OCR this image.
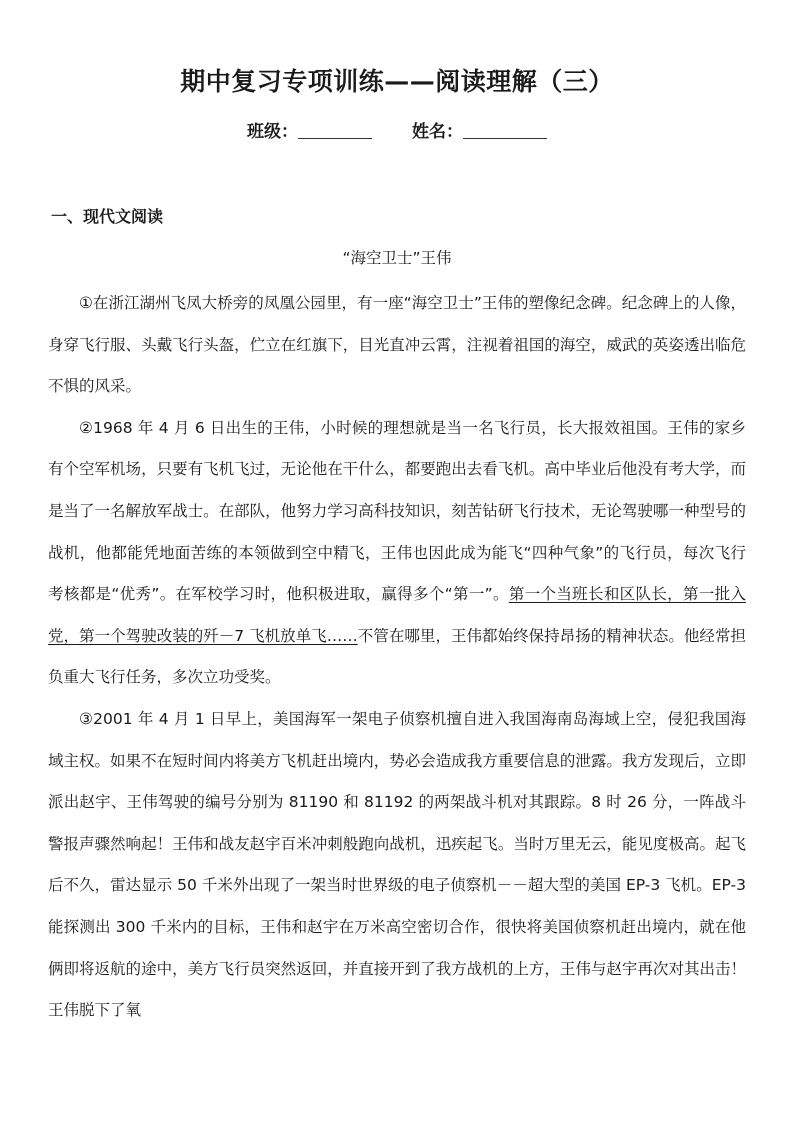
期中复习专项训练——阅读理解（三）
班级：	姓名：
一、现代文阅读
“海空卫士”王伟

①在浙江湖州飞凤大桥旁的凤凰公园里，有一座“海空卫士”王伟的塑像纪念碑。纪念碑上的人像，身穿飞行服、头戴飞行头盔，伫立在红旗下，目光直冲云霄，注视着祖国的海空，威武的英姿透出临危不惧的风采。

②1968 年 4 月 6 日出生的王伟，小时候的理想就是当一名飞行员，长大报效祖国。王伟的家乡有个空军机场，只要有飞机飞过，无论他在干什么，都要跑出去看飞机。高中毕业后他没有考大学，而是当了一名解放军战士。在部队，他努力学习高科技知识，刻苦钻研飞行技术，无论驾驶哪一种型号的战机，他都能凭地面苦练的本领做到空中精飞，王伟也因此成为能飞“四种气象”的飞行员，每次飞行考核都是“优秀”。在军校学习时，他积极进取，赢得多个“第一”。第一个当班长和区队长，第一批入党，第一个驾驶改装的歼－7 飞机放单飞……不管在哪里，王伟都始终保持昂扬的精神状态。他经常担负重大飞行任务，多次立功受奖。

③2001 年 4 月 1 日早上，美国海军一架电子侦察机擅自进入我国海南岛海域上空，侵犯我国海域主权。如果不在短时间内将美方飞机赶出境内，势必会造成我方重要信息的泄露。我方发现后，立即派出赵宇、王伟驾驶的编号分别为 81190 和 81192 的两架战斗机对其跟踪。8 时 26 分，一阵战斗警报声骤然响起！王伟和战友赵宇百米冲刺般跑向战机，迅疾起飞。当时万里无云，能见度极高。起飞后不久，雷达显示 50 千米外出现了一架当时世界级的电子侦察机－－超大型的美国 EP-3 飞机。EP-3 能探测出 300 千米内的目标，王伟和赵宇在万米高空密切合作，很快将美国侦察机赶出境内，就在他俩即将返航的途中，美方飞行员突然返回，并直接开到了我方战机的上方，王伟与赵宇再次对其出击！王伟脱下了氧
